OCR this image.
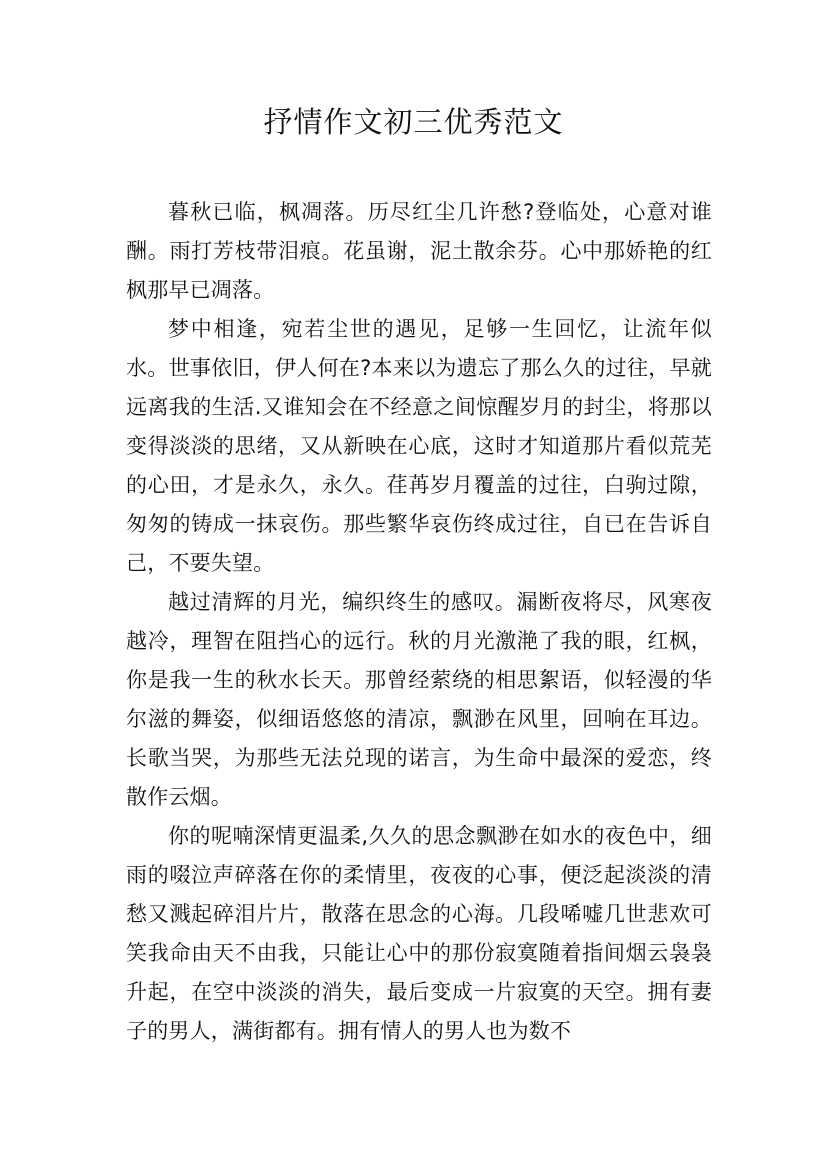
抒情作文初三优秀范文

暮秋已临，枫凋落。历尽红尘几许愁?登临处，心意对谁酬。雨打芳枝带泪痕。花虽谢，泥土散余芬。心中那娇艳的红枫那早已凋落。

梦中相逢，宛若尘世的遇见，足够一生回忆，让流年似水。世事依旧，伊人何在?本来以为遗忘了那么久的过往，早就远离我的生活.又谁知会在不经意之间惊醒岁月的封尘，将那以变得淡淡的思绪，又从新映在心底，这时才知道那片看似荒芜的心田，才是永久，永久。荏苒岁月覆盖的过往，白驹过隙，匆匆的铸成一抹哀伤。那些繁华哀伤终成过往，自已在告诉自己，不要失望。

越过清辉的月光，编织终生的感叹。漏断夜将尽，风寒夜越冷，理智在阻挡心的远行。秋的月光激滟了我的眼，红枫，你是我一生的秋水长天。那曾经萦绕的相思絮语，似轻漫的华尔滋的舞姿，似细语悠悠的清凉，飘渺在风里，回响在耳边。长歌当哭，为那些无法兑现的诺言，为生命中最深的爱恋，终散作云烟。

你的呢喃深情更温柔,久久的思念飘渺在如水的夜色中，细雨的啜泣声碎落在你的柔情里，夜夜的心事，便泛起淡淡的清愁又溅起碎泪片片，散落在思念的心海。几段唏嘘几世悲欢可笑我命由天不由我，只能让心中的那份寂寞随着指间烟云袅袅升起，在空中淡淡的消失，最后变成一片寂寞的天空。拥有妻子的男人，满街都有。拥有情人的男人也为数不
